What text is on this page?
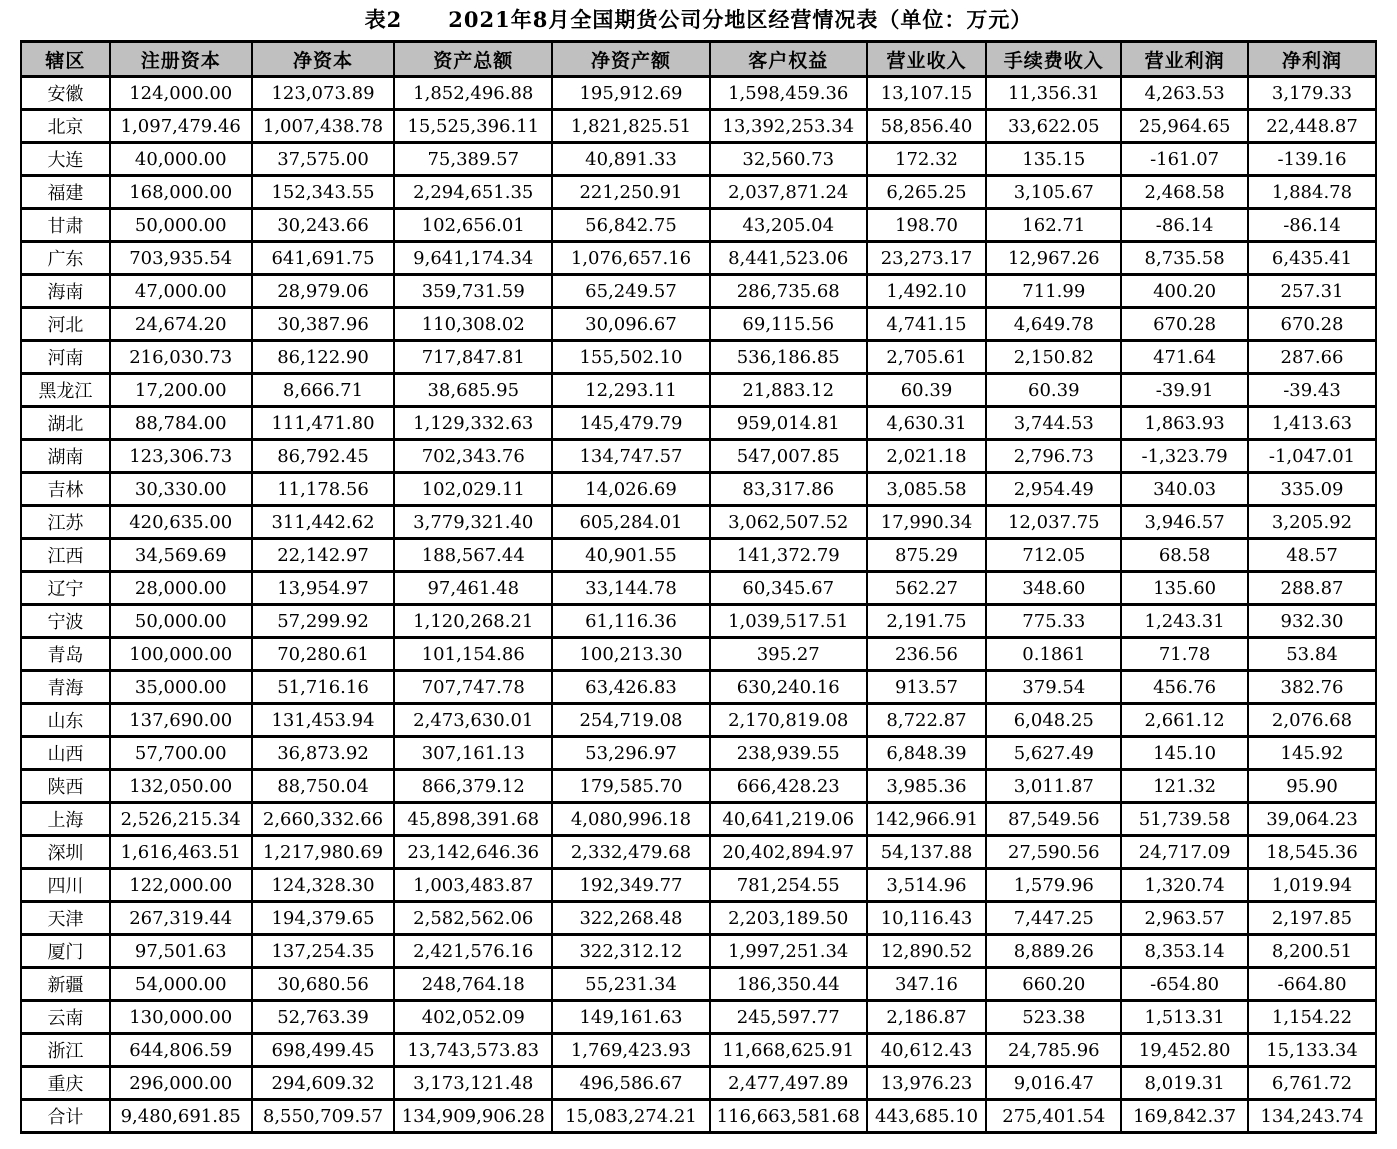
表2 2021年8月全国期货公司分地区经营情况表（单位：万元）
辖区	注册资本	净资本	资产总额	净资产额	客户权益	营业收入	手续费收入	营业利润	净利润
安徽	124,000.00	123,073.89	1,852,496.88	195,912.69	1,598,459.36	13,107.15	11,356.31	4,263.53	3,179.33
北京	1,097,479.46	1,007,438.78	15,525,396.11	1,821,825.51	13,392,253.34	58,856.40	33,622.05	25,964.65	22,448.87
大连	40,000.00	37,575.00	75,389.57	40,891.33	32,560.73	172.32	135.15	-161.07	-139.16
福建	168,000.00	152,343.55	2,294,651.35	221,250.91	2,037,871.24	6,265.25	3,105.67	2,468.58	1,884.78
甘肃	50,000.00	30,243.66	102,656.01	56,842.75	43,205.04	198.70	162.71	-86.14	-86.14
广东	703,935.54	641,691.75	9,641,174.34	1,076,657.16	8,441,523.06	23,273.17	12,967.26	8,735.58	6,435.41
海南	47,000.00	28,979.06	359,731.59	65,249.57	286,735.68	1,492.10	711.99	400.20	257.31
河北	24,674.20	30,387.96	110,308.02	30,096.67	69,115.56	4,741.15	4,649.78	670.28	670.28
河南	216,030.73	86,122.90	717,847.81	155,502.10	536,186.85	2,705.61	2,150.82	471.64	287.66
黑龙江	17,200.00	8,666.71	38,685.95	12,293.11	21,883.12	60.39	60.39	-39.91	-39.43
湖北	88,784.00	111,471.80	1,129,332.63	145,479.79	959,014.81	4,630.31	3,744.53	1,863.93	1,413.63
湖南	123,306.73	86,792.45	702,343.76	134,747.57	547,007.85	2,021.18	2,796.73	-1,323.79	-1,047.01
吉林	30,330.00	11,178.56	102,029.11	14,026.69	83,317.86	3,085.58	2,954.49	340.03	335.09
江苏	420,635.00	311,442.62	3,779,321.40	605,284.01	3,062,507.52	17,990.34	12,037.75	3,946.57	3,205.92
江西	34,569.69	22,142.97	188,567.44	40,901.55	141,372.79	875.29	712.05	68.58	48.57
辽宁	28,000.00	13,954.97	97,461.48	33,144.78	60,345.67	562.27	348.60	135.60	288.87
宁波	50,000.00	57,299.92	1,120,268.21	61,116.36	1,039,517.51	2,191.75	775.33	1,243.31	932.30
青岛	100,000.00	70,280.61	101,154.86	100,213.30	395.27	236.56	0.1861	71.78	53.84
青海	35,000.00	51,716.16	707,747.78	63,426.83	630,240.16	913.57	379.54	456.76	382.76
山东	137,690.00	131,453.94	2,473,630.01	254,719.08	2,170,819.08	8,722.87	6,048.25	2,661.12	2,076.68
山西	57,700.00	36,873.92	307,161.13	53,296.97	238,939.55	6,848.39	5,627.49	145.10	145.92
陕西	132,050.00	88,750.04	866,379.12	179,585.70	666,428.23	3,985.36	3,011.87	121.32	95.90
上海	2,526,215.34	2,660,332.66	45,898,391.68	4,080,996.18	40,641,219.06	142,966.91	87,549.56	51,739.58	39,064.23
深圳	1,616,463.51	1,217,980.69	23,142,646.36	2,332,479.68	20,402,894.97	54,137.88	27,590.56	24,717.09	18,545.36
四川	122,000.00	124,328.30	1,003,483.87	192,349.77	781,254.55	3,514.96	1,579.96	1,320.74	1,019.94
天津	267,319.44	194,379.65	2,582,562.06	322,268.48	2,203,189.50	10,116.43	7,447.25	2,963.57	2,197.85
厦门	97,501.63	137,254.35	2,421,576.16	322,312.12	1,997,251.34	12,890.52	8,889.26	8,353.14	8,200.51
新疆	54,000.00	30,680.56	248,764.18	55,231.34	186,350.44	347.16	660.20	-654.80	-664.80
云南	130,000.00	52,763.39	402,052.09	149,161.63	245,597.77	2,186.87	523.38	1,513.31	1,154.22
浙江	644,806.59	698,499.45	13,743,573.83	1,769,423.93	11,668,625.91	40,612.43	24,785.96	19,452.80	15,133.34
重庆	296,000.00	294,609.32	3,173,121.48	496,586.67	2,477,497.89	13,976.23	9,016.47	8,019.31	6,761.72
合计	9,480,691.85	8,550,709.57	134,909,906.28	15,083,274.21	116,663,581.68	443,685.10	275,401.54	169,842.37	134,243.74
